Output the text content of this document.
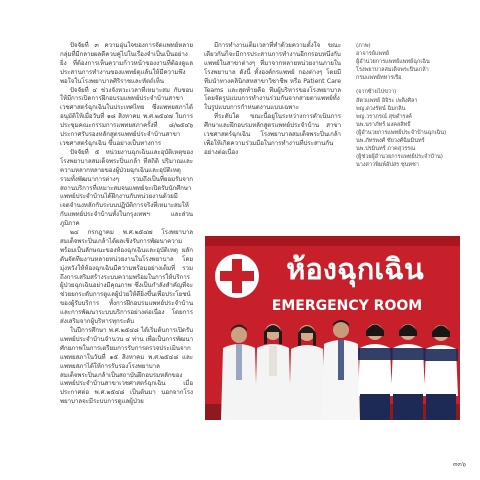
ปัจจัยที่ ๓ ความอุ่นใจของการจัดแพทย์หลายกลุ่มที่มีกลายผลดีควบคู่ไปในเรื่องจำเป็นเป็นอย่างยิ่ง ที่ต้องการเห็นความก้าวหน้าของงานที่ต้องดูแลประสานการทำงานของแพทย์ดุแล้นให้มีความพึงพอใจในโรงพยาบาลศิริราชและหัตถ์เห็น

ปัจจัยที่ ๔ ช่วงจังหวะเวลาที่เหมาะสม กับชอบให้มีการเปิดการฝึกอบรมแพทย์ประจำบ้านสาขาเวชศาสตร์ฉุกเฉินในประเทศไทย ซึ่งแพทยสภาได้อนุมัติให้เมื่อวันที่ ๑๘ สิงหาคม พ.ศ.๒๕๔๗ ในการประชุมคณะกรรมการแพทยสภาครั้งที่ ๘/๒๕๔๖ ประกาศรับรองหลักสูตรแพทย์ประจำบ้านสาขาเวชศาสตร์ฉุกเฉิน ขึ้นอย่างเป็นทางการ

ปัจจัยที่ ๕ หน่วยงานฉุกเฉินและอุบัติเหตุของโรงพยาบาลสมเด็จพระปิ่นเกล้า ที่สถิติ ปริมาณและความหลากหลายของผู้ป่วยฉุกเฉินและอุบัติเหตุ รวมทั้งพัฒนาการต่างๆ รวมถึงเป็นที่ยอมรับจากสถานบริการที่เหมาะสมจนแพทย์จะเปิดรับนักศึกษาแพทย์ประจำบ้านได้ฝึกงานกับหน่วยงานด้วยมีเจตจำนงหลักกับระบบปฏิบัติการจริงที่เหมาะสมให้กับแพทย์ประจำบ้านทั้งในกรุงเทพฯ และส่วนภูมิภาค

๒๔ กรกฎาคม พ.ศ.๒๕๔๗ โรงพยาบาลสมเด็จพระปิ่นเกล้าได้ผลเชิงรับการพัฒนาความพร้อมเป็นลักษณะของห้องฉุกเฉินและอุบัติเหตุ ผลักดันจัดทีมงานหลายหน่วยงานในโรงพยาบาล โดยมุ่งหวังให้ห้องฉุกเฉินมีความพร้อมอย่างเต็มที่ รวมถึงการเสริมสร้างระบบความพร้อมในการให้บริการผู้ป่วยฉุกเฉินอย่างมีคุณภาพ ซึ่งเป็นกำลังสำคัญที่จะช่วยยกระดับการดูแลผู้ป่วยให้ดียิ่งขึ้นเพื่อประโยชน์ของผู้รับบริการ ทั้งการฝึกอบรมแพทย์ประจำบ้านและการพัฒนาระบบบริการอย่างต่อเนื่อง โดยการส่งเสริมจากผู้บริหารทุกระดับ

ในปีการศึกษา พ.ศ.๒๕๔๘ ได้เริ่มต้นการเปิดรับแพทย์ประจำบ้านจำนวน ๔ ท่าน เพื่อเป็นการพัฒนาศักยภาพในการเตรียมการรับการตรวจประเมินจากแพทยสภาในวันที่ ๑๕ สิงหาคม พ.ศ.๒๕๔๘ และแพทยสภาได้ให้การรับรองโรงพยาบาลสมเด็จพระปิ่นเกล้าเป็นสถาบันฝึกอบรมหลักของแพทย์ประจำบ้านสาขาเวชศาสตร์ฉุกเฉิน เมื่อประกาศต่อ พ.ศ.๒๕๔๘ เป็นต้นมา นอกจากโรงพยาบาลจะมีระบบการดูแลผู้ป่วย

มีการทำงานเต็มเวลาที่ทำด้วยความตั้งใจ ขณะเดียวกันก็จะมีการประสานการทำงานอีกกรอบหนึ่งกับแพทย์ในสาขาต่างๆ ที่มาจากหลายหน่วยงานภายในโรงพยาบาล ดังนี้ ทั้งองค์กรแพทย์ กองต่างๆ โดยมีทีมนำทางคลินิกสหสาขาวิชาชีพ หรือ Patient Care Teams และสุดท้ายคือ ทีมผู้บริหารของโรงพยาบาล โดยจัดรูปแบบการทำงานร่วมกันจากสายตาแพทย์ทั้งในรูปแบบการกำหนดงานแบบเฉพาะ

ที่ระดับใด ขณะนี้อยู่ในระหว่างการดำเนินการศึกษาและฝึกอบรมหลักสูตรแพทย์ประจำบ้าน สาขาเวชศาสตร์ฉุกเฉิน โรงพยาบาลสมเด็จพระปิ่นเกล้า เพื่อให้เกิดความร่วมมือในการทำงานที่ประสานกันอย่างต่อเนื่อง

(ภาพ)
อาจารย์แพทย์
ผู้อำนวยการแพทย์แพทย์ฉุกเฉิน
โรงพยาบาลสมเด็จพระปิ่นเกล้า
กรมแพทย์ทหารเรือ
(จากซ้ายไปขวา)
สัตวแพทย์ อิจิระ เพลิงศิลา
พญ.ดวงรัตน์ ฉิมกลิ่น
พญ.วราภรณ์ สุขดำรงค์
นพ.นราภัทร์ มงคลสิทธิ์
(ผู้อำนวยการแพทย์ประจำบ้านฉุกเฉิน)
นพ.ภัทรพงศ์ ชัยวงศ์ฉิมมินทร์
นพ.ปรมินทร์ ภาคสุวรรณ
(ผู้ช่วยผู้อำนวยการแพทย์ประจำบ้าน)
นางสาวพิมพ์อัปสร ชุนหชา
ห้องฉุกเฉิน
EMERGENCY ROOM
๓๓๖
